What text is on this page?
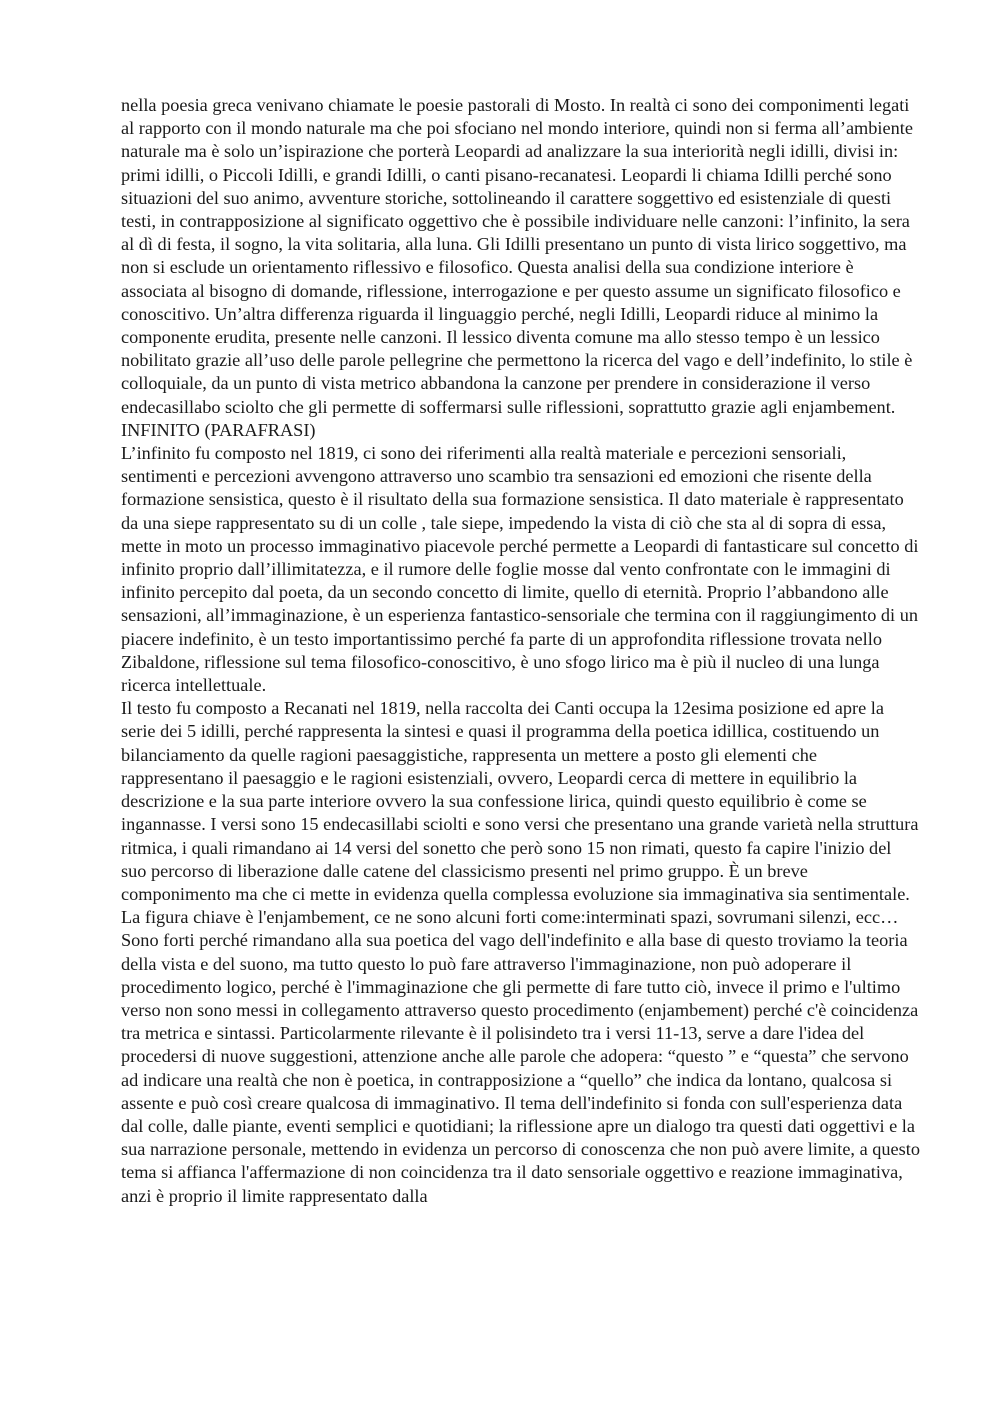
nella poesia greca venivano chiamate le poesie pastorali di Mosto. In realtà ci sono dei componimenti legati al rapporto con il mondo naturale ma che poi sfociano nel mondo interiore, quindi non si ferma all’ambiente naturale ma è solo un’ispirazione che porterà Leopardi ad analizzare la sua interiorità negli idilli, divisi in: primi idilli, o Piccoli Idilli, e grandi Idilli, o canti pisano-recanatesi. Leopardi li chiama Idilli perché sono situazioni del suo animo, avventure storiche, sottolineando il carattere soggettivo ed esistenziale di questi testi, in contrapposizione al significato oggettivo che è possibile individuare nelle canzoni: l’infinito, la sera al dì di festa, il sogno, la vita solitaria, alla luna. Gli Idilli presentano un punto di vista lirico soggettivo, ma non si esclude un orientamento riflessivo e filosofico. Questa analisi della sua condizione interiore è associata al bisogno di domande, riflessione, interrogazione e per questo assume un significato filosofico e conoscitivo. Un’altra differenza riguarda il linguaggio perché, negli Idilli, Leopardi riduce al minimo la componente erudita, presente nelle canzoni. Il lessico diventa comune ma allo stesso tempo è un lessico nobilitato grazie all’uso delle parole pellegrine che permettono la ricerca del vago e dell’indefinito, lo stile è colloquiale, da un punto di vista metrico abbandona la canzone per prendere in considerazione il verso endecasillabo sciolto che gli permette di soffermarsi sulle riflessioni, soprattutto grazie agli enjambement.

INFINITO (PARAFRASI)

L’infinito fu composto nel 1819, ci sono dei riferimenti alla realtà materiale e percezioni sensoriali, sentimenti e percezioni avvengono attraverso uno scambio tra sensazioni ed emozioni che risente della formazione sensistica, questo è il risultato della sua formazione sensistica. Il dato materiale è rappresentato da una siepe rappresentato su di un colle , tale siepe, impedendo la vista di ciò che sta al di sopra di essa, mette in moto un processo immaginativo piacevole perché permette a Leopardi di fantasticare sul concetto di infinito proprio dall’illimitatezza, e il rumore delle foglie mosse dal vento confrontate con le immagini di infinito percepito dal poeta, da un secondo concetto di limite, quello di eternità. Proprio l’abbandono alle sensazioni, all’immaginazione, è un esperienza fantastico-sensoriale che termina con il raggiungimento di un piacere indefinito, è un testo importantissimo perché fa parte di un approfondita riflessione trovata nello Zibaldone, riflessione sul tema filosofico-conoscitivo, è uno sfogo lirico ma è più il nucleo di una lunga ricerca intellettuale.

Il testo fu composto a Recanati nel 1819, nella raccolta dei Canti occupa la 12esima posizione ed apre la serie dei 5 idilli, perché rappresenta la sintesi e quasi il programma della poetica idillica, costituendo un bilanciamento da quelle ragioni paesaggistiche, rappresenta un mettere a posto gli elementi che rappresentano il paesaggio e le ragioni esistenziali, ovvero, Leopardi cerca di mettere in equilibrio la descrizione e la sua parte interiore ovvero la sua confessione lirica, quindi questo equilibrio è come se ingannasse. I versi sono 15 endecasillabi sciolti e sono versi che presentano una grande varietà nella struttura ritmica, i quali rimandano ai 14 versi del sonetto che però sono 15 non rimati, questo fa capire l'inizio del suo percorso di liberazione dalle catene del classicismo presenti nel primo gruppo. È un breve componimento ma che ci mette in evidenza quella complessa evoluzione sia immaginativa sia sentimentale. La figura chiave è l'enjambement, ce ne sono alcuni forti come:interminati spazi, sovrumani silenzi, ecc… Sono forti perché rimandano alla sua poetica del vago dell'indefinito e alla base di questo troviamo la teoria della vista e del suono, ma tutto questo lo può fare attraverso l'immaginazione, non può adoperare il procedimento logico, perché è l'immaginazione che gli permette di fare tutto ciò, invece il primo e l'ultimo verso non sono messi in collegamento attraverso questo procedimento (enjambement) perché c'è coincidenza tra metrica e sintassi. Particolarmente rilevante è il polisindeto tra i versi 11-13, serve a dare l'idea del procedersi di nuove suggestioni, attenzione anche alle parole che adopera: “questo ” e “questa” che servono ad indicare una realtà che non è poetica, in contrapposizione a “quello” che indica da lontano, qualcosa si assente e può così creare qualcosa di immaginativo. Il tema dell'indefinito si fonda con sull'esperienza data dal colle, dalle piante, eventi semplici e quotidiani; la riflessione apre un dialogo tra questi dati oggettivi e la sua narrazione personale, mettendo in evidenza un percorso di conoscenza che non può avere limite, a questo tema si affianca l'affermazione di non coincidenza tra il dato sensoriale oggettivo e reazione immaginativa, anzi è proprio il limite rappresentato dalla
